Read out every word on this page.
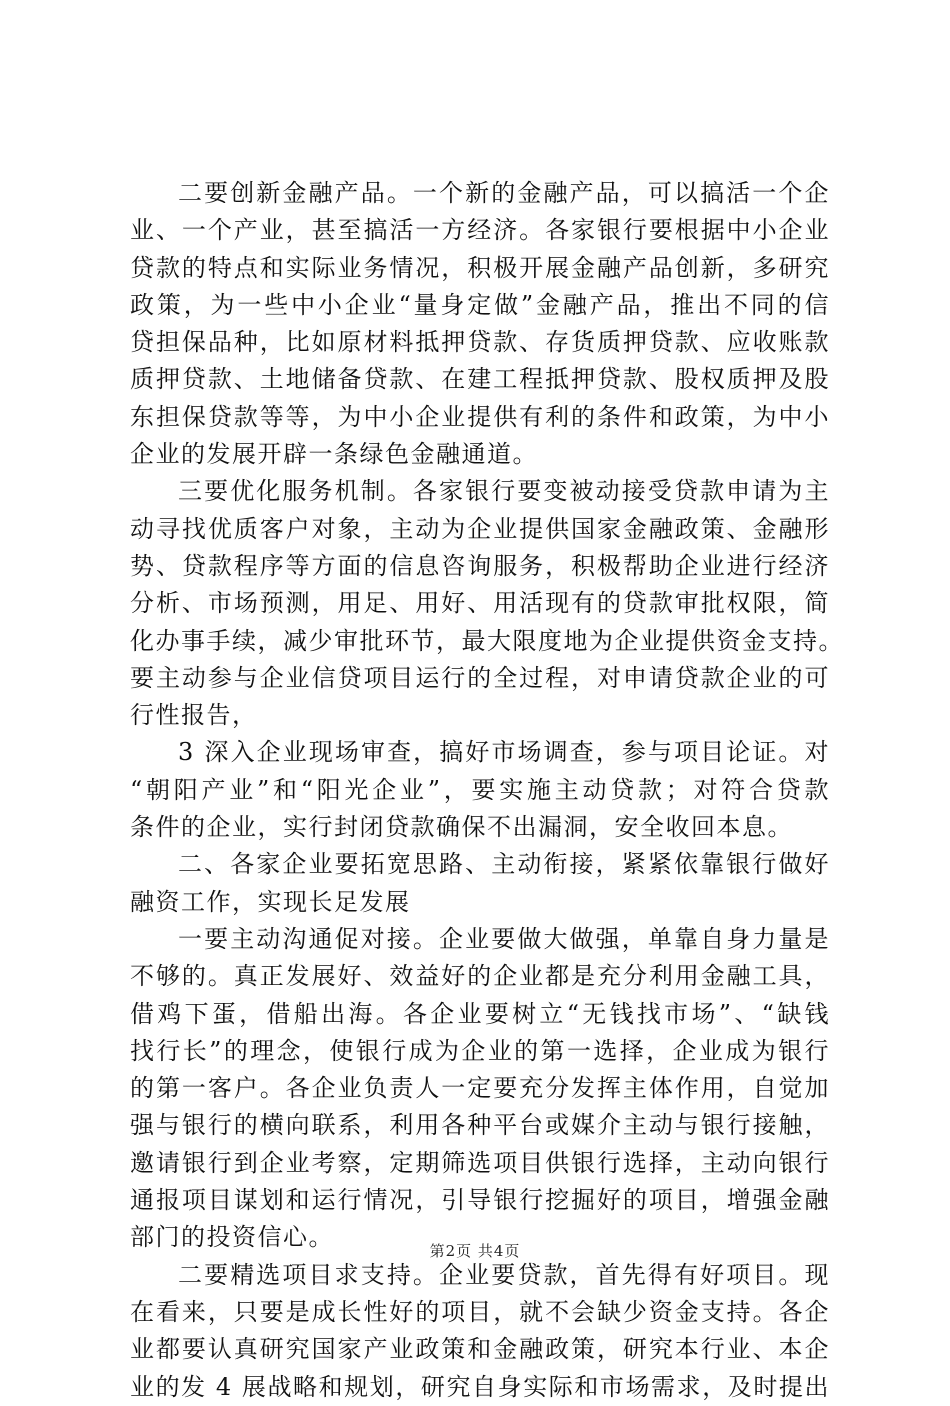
二要创新金融产品。一个新的金融产品，可以搞活一个企
业、一个产业，甚至搞活一方经济。各家银行要根据中小企业
贷款的特点和实际业务情况，积极开展金融产品创新，多研究
政策，为一些中小企业“量身定做”金融产品，推出不同的信
贷担保品种，比如原材料抵押贷款、存货质押贷款、应收账款
质押贷款、土地储备贷款、在建工程抵押贷款、股权质押及股
东担保贷款等等，为中小企业提供有利的条件和政策，为中小
企业的发展开辟一条绿色金融通道。
三要优化服务机制。各家银行要变被动接受贷款申请为主
动寻找优质客户对象，主动为企业提供国家金融政策、金融形
势、贷款程序等方面的信息咨询服务，积极帮助企业进行经济
分析、市场预测，用足、用好、用活现有的贷款审批权限，简
化办事手续，减少审批环节，最大限度地为企业提供资金支持。
要主动参与企业信贷项目运行的全过程，对申请贷款企业的可
行性报告，
3 深入企业现场审查，搞好市场调查，参与项目论证。对
“朝阳产业”和“阳光企业”，要实施主动贷款；对符合贷款
条件的企业，实行封闭贷款确保不出漏洞，安全收回本息。
二、各家企业要拓宽思路、主动衔接，紧紧依靠银行做好
融资工作，实现长足发展
一要主动沟通促对接。企业要做大做强，单靠自身力量是
不够的。真正发展好、效益好的企业都是充分利用金融工具，
借鸡下蛋，借船出海。各企业要树立“无钱找市场”、“缺钱
找行长”的理念，使银行成为企业的第一选择，企业成为银行
的第一客户。各企业负责人一定要充分发挥主体作用，自觉加
强与银行的横向联系，利用各种平台或媒介主动与银行接触，
邀请银行到企业考察，定期筛选项目供银行选择，主动向银行
通报项目谋划和运行情况，引导银行挖掘好的项目，增强金融
部门的投资信心。
二要精选项目求支持。企业要贷款，首先得有好项目。现
在看来，只要是成长性好的项目，就不会缺少资金支持。各企
业都要认真研究国家产业政策和金融政策，研究本行业、本企
业的发 4 展战略和规划，研究自身实际和市场需求，及时提出
第2页 共4页
